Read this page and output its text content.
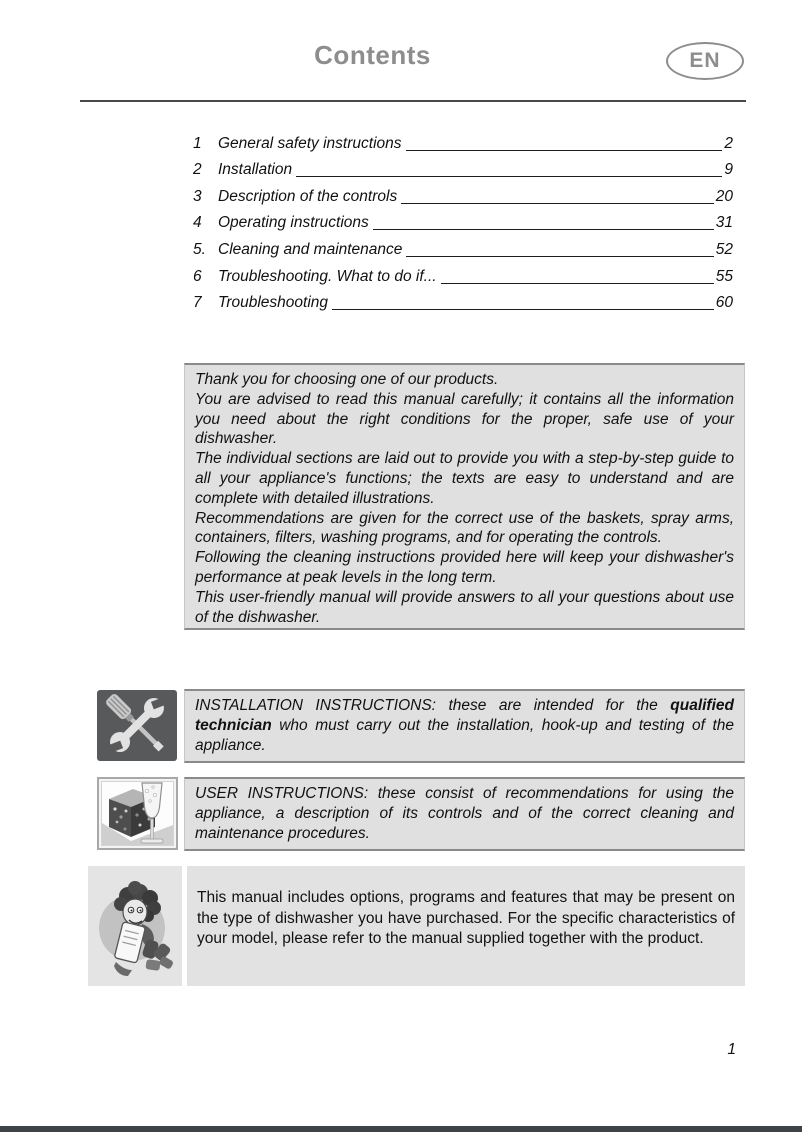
Contents	EN
1	General safety instructions	2
2	Installation	9
3	Description of the controls	20
4	Operating instructions	31
5. Cleaning and maintenance	52
6	Troubleshooting. What to do if...	55
7	Troubleshooting	60

Thank you for choosing one of our products.

You are advised to read this manual carefully; it contains all the information you need about the right conditions for the proper, safe use of your dishwasher.

The individual sections are laid out to provide you with a step-by-step guide to all your appliance's functions; the texts are easy to understand and are complete with detailed illustrations.

Recommendations are given for the correct use of the baskets, spray arms, containers, filters, washing programs, and for operating the controls.

Following the cleaning instructions provided here will keep your dishwasher's performance at peak levels in the long term.

This user-friendly manual will provide answers to all your questions about use of the dishwasher.

INSTALLATION INSTRUCTIONS: these are intended for the qualified technician who must carry out the installation, hook-up and testing of the appliance.

USER INSTRUCTIONS: these consist of recommendations for using the appliance, a description of its controls and of the correct cleaning and maintenance procedures.

This manual includes options, programs and features that may be present on the type of dishwasher you have purchased. For the specific characteristics of your model, please refer to the manual supplied together with the product.

1
